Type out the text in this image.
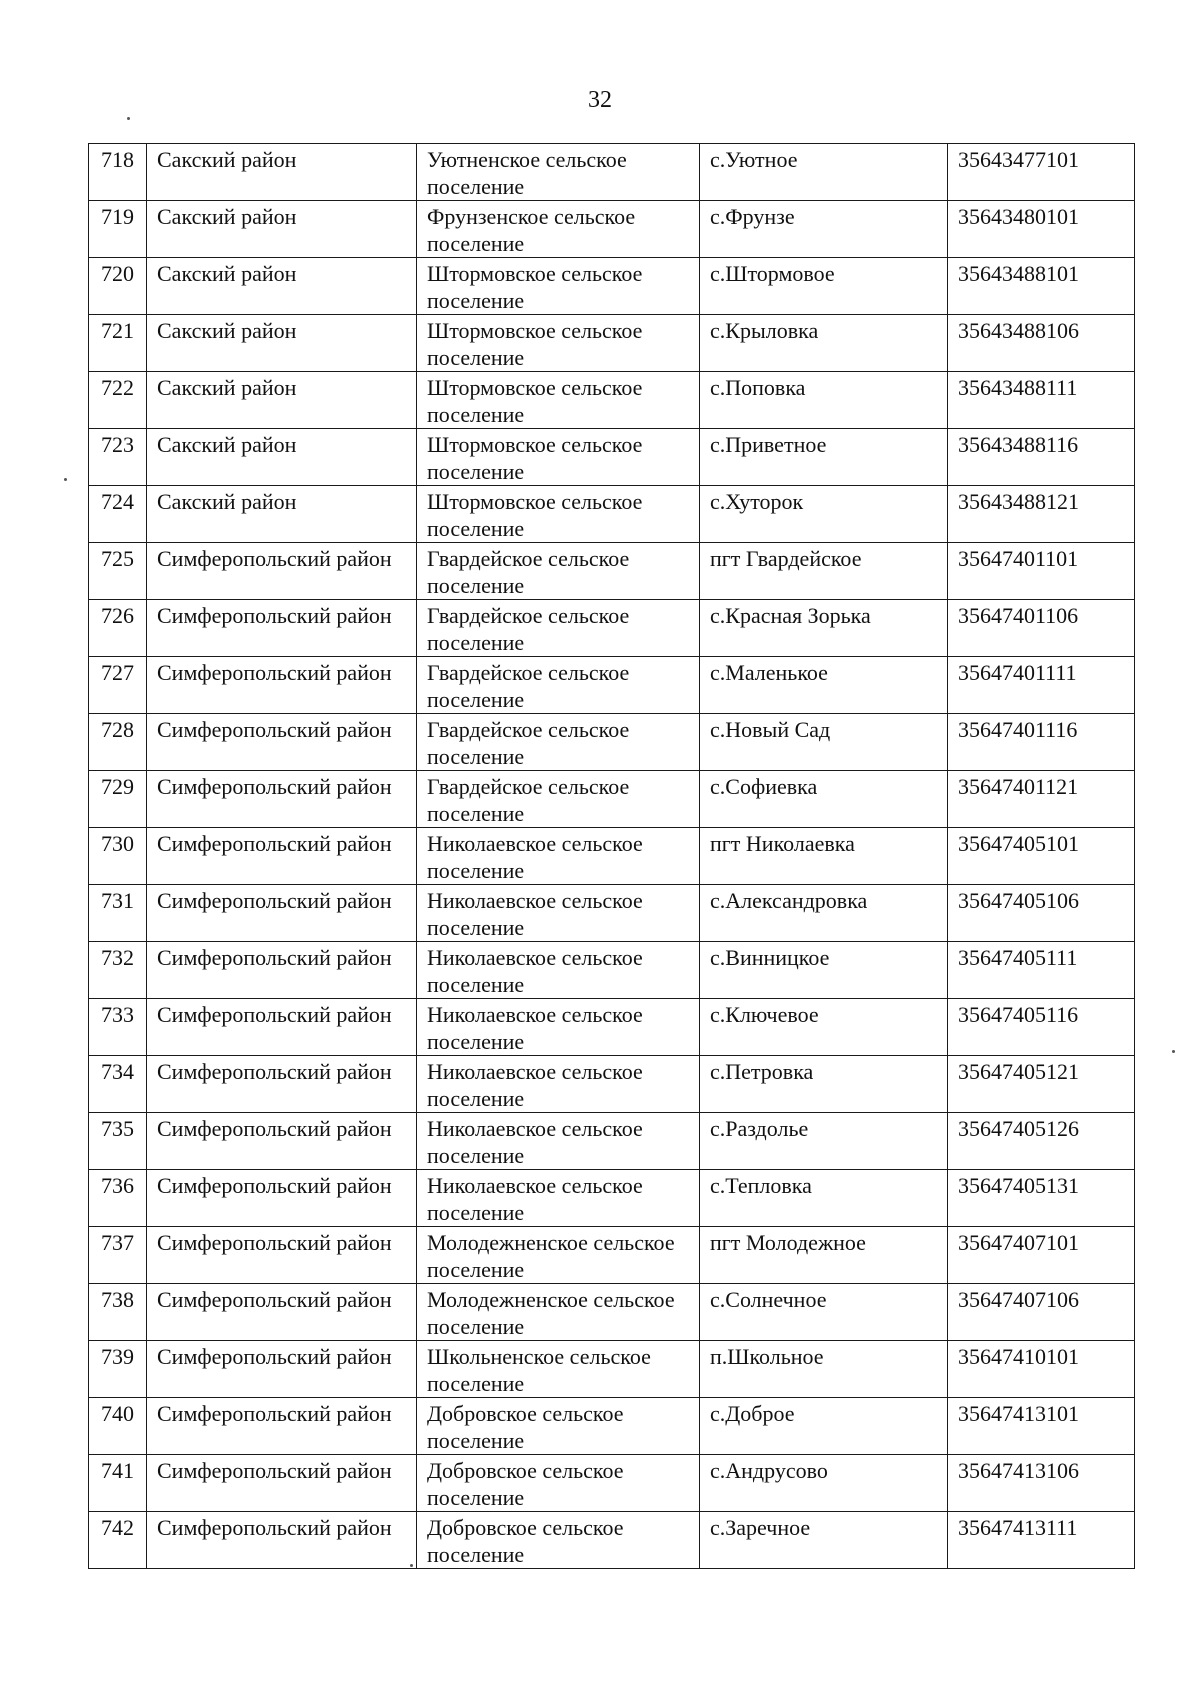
32
718	Сакский район	Уютненское сельское поселение	с.Уютное	35643477101
719	Сакский район	Фрунзенское сельское поселение	с.Фрунзе	35643480101
720	Сакский район	Штормовское сельское поселение	с.Штормовое	35643488101
721	Сакский район	Штормовское сельское поселение	с.Крыловка	35643488106
722	Сакский район	Штормовское сельское поселение	с.Поповка	35643488111
723	Сакский район	Штормовское сельское поселение	с.Приветное	35643488116
724	Сакский район	Штормовское сельское поселение	с.Хуторок	35643488121
725	Симферопольский район	Гвардейское сельское поселение	пгт Гвардейское	35647401101
726	Симферопольский район	Гвардейское сельское поселение	с.Красная Зорька	35647401106
727	Симферопольский район	Гвардейское сельское поселение	с.Маленькое	35647401111
728	Симферопольский район	Гвардейское сельское поселение	с.Новый Сад	35647401116
729	Симферопольский район	Гвардейское сельское поселение	с.Софиевка	35647401121
730	Симферопольский район	Николаевское сельское поселение	пгт Николаевка	35647405101
731	Симферопольский район	Николаевское сельское поселение	с.Александровка	35647405106
732	Симферопольский район	Николаевское сельское поселение	с.Винницкое	35647405111
733	Симферопольский район	Николаевское сельское поселение	с.Ключевое	35647405116
734	Симферопольский район	Николаевское сельское поселение	с.Петровка	35647405121
735	Симферопольский район	Николаевское сельское поселение	с.Раздолье	35647405126
736	Симферопольский район	Николаевское сельское поселение	с.Тепловка	35647405131
737	Симферопольский район	Молодежненское сельское поселение	пгт Молодежное	35647407101
738	Симферопольский район	Молодежненское сельское поселение	с.Солнечное	35647407106
739	Симферопольский район	Школьненское сельское поселение	п.Школьное	35647410101
740	Симферопольский район	Добровское сельское поселение	с.Доброе	35647413101
741	Симферопольский район	Добровское сельское поселение	с.Андрусово	35647413106
742	Симферопольский район	Добровское сельское поселение	с.Заречное	35647413111
